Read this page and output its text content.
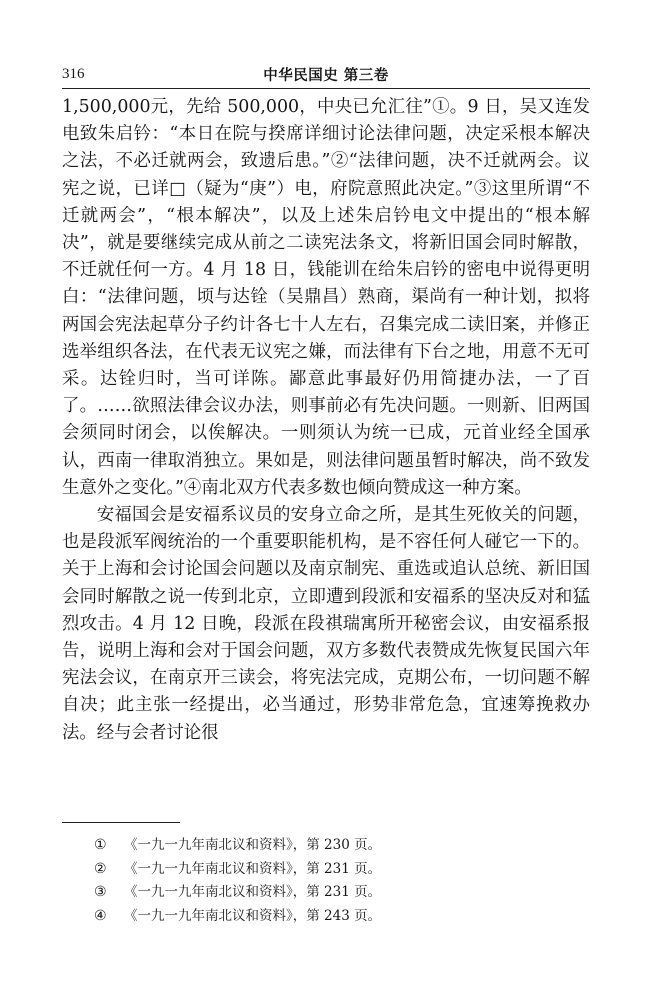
316	中华民国史 第三卷

1,500,000元，先给 500,000，中央已允汇往”①。9 日，吴又连发电致朱启钤：“本日在院与揆席详细讨论法律问题，决定采根本解决之法，不必迁就两会，致遗后患。”②“法律问题，决不迁就两会。议宪之说，已详□（疑为“庚”）电，府院意照此决定。”③这里所谓“不迁就两会”，“根本解决”，以及上述朱启钤电文中提出的“根本解决”，就是要继续完成从前之二读宪法条文，将新旧国会同时解散，不迁就任何一方。4 月 18 日，钱能训在给朱启钤的密电中说得更明白：“法律问题，顷与达铨（吴鼎昌）熟商，渠尚有一种计划，拟将两国会宪法起草分子约计各七十人左右，召集完成二读旧案，并修正选举组织各法，在代表无议宪之嫌，而法律有下台之地，用意不无可采。达铨归时，当可详陈。鄙意此事最好仍用简捷办法，一了百了。……欲照法律会议办法，则事前必有先决问题。一则新、旧两国会须同时闭会，以俟解决。一则须认为统一已成，元首业经全国承认，西南一律取消独立。果如是，则法律问题虽暂时解决，尚不致发生意外之变化。”④南北双方代表多数也倾向赞成这一种方案。

安福国会是安福系议员的安身立命之所，是其生死攸关的问题，也是段派军阀统治的一个重要职能机构，是不容任何人碰它一下的。关于上海和会讨论国会问题以及南京制宪、重选或追认总统、新旧国会同时解散之说一传到北京，立即遭到段派和安福系的坚决反对和猛烈攻击。4 月 12 日晚，段派在段祺瑞寓所开秘密会议，由安福系报告，说明上海和会对于国会问题，双方多数代表赞成先恢复民国六年宪法会议，在南京开三读会，将宪法完成，克期公布，一切问题不解自决；此主张一经提出，必当通过，形势非常危急，宜速筹挽救办法。经与会者讨论很

①	《一九一九年南北议和资料》，第 230 页。
②	《一九一九年南北议和资料》，第 231 页。
③	《一九一九年南北议和资料》，第 231 页。
④	《一九一九年南北议和资料》，第 243 页。
